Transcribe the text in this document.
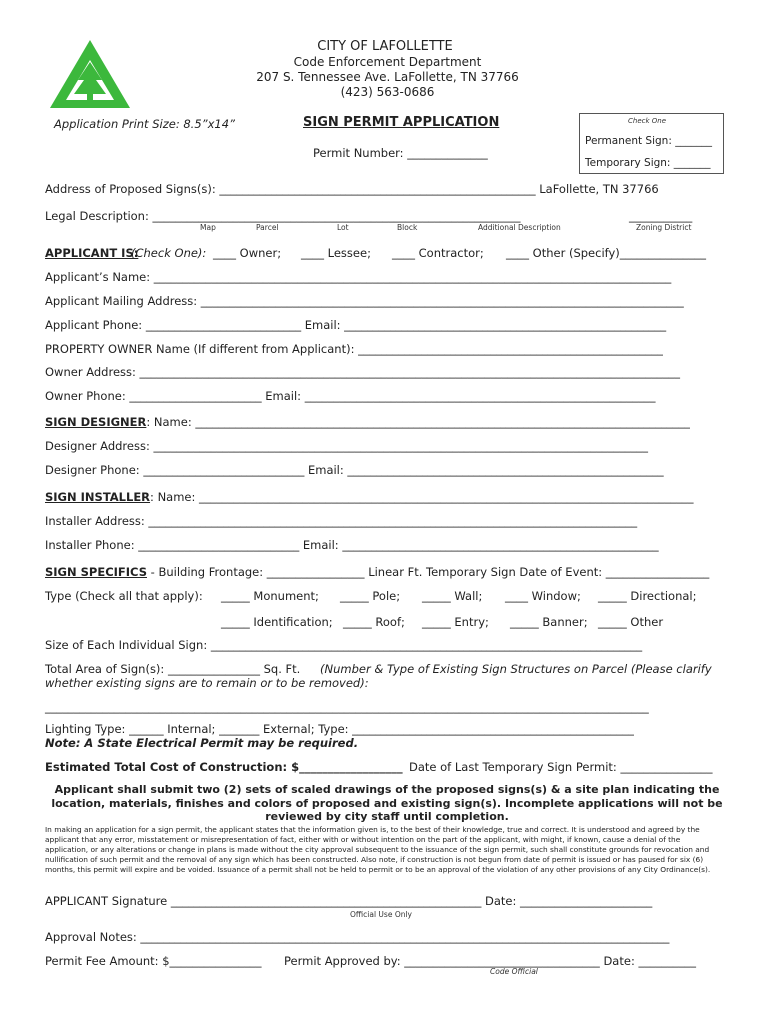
CITY OF LAFOLLETTE
Code Enforcement Department
207 S. Tennessee Ave. LaFollette, TN 37766
(423) 563-0686
Application Print Size: 8.5”x14”	SIGN PERMIT APPLICATION
Permit Number: ______________
Check One
Permanent Sign: _______
Temporary Sign: _______
Address of Proposed Signs(s): _______________________________________________________ LaFollette, TN 37766
Legal Description: ________________________________________________________________	___________
Map	Parcel	Lot	Block	Additional Description	Zoning District
APPLICANT IS:
(Check One): ____ Owner; ____ Lessee; ____ Contractor; ____ Other (Specify)_______________
Applicant’s Name: __________________________________________________________________________________________
Applicant Mailing Address: ____________________________________________________________________________________
Applicant Phone: ___________________________ Email: ________________________________________________________
PROPERTY OWNER Name (If different from Applicant): _____________________________________________________
Owner Address: ______________________________________________________________________________________________
Owner Phone: _______________________ Email: _____________________________________________________________
SIGN DESIGNER: Name: ______________________________________________________________________________________
Designer Address: ______________________________________________________________________________________
Designer Phone: ____________________________ Email: _______________________________________________________
SIGN INSTALLER: Name: ______________________________________________________________________________________
Installer Address: _____________________________________________________________________________________
Installer Phone: ____________________________ Email: _______________________________________________________
SIGN SPECIFICS - Building Frontage: _________________ Linear Ft. Temporary Sign Date of Event: __________________
Type (Check all that apply): _____ Monument; _____ Pole; _____ Wall; ____ Window; _____ Directional;
_____ Identification; _____ Roof; _____ Entry; _____ Banner; _____ Other
Size of Each Individual Sign: ___________________________________________________________________________
Total Area of Sign(s): ________________ Sq. Ft. (Number & Type of Existing Sign Structures on Parcel (Please clarify
whether existing signs are to remain or to be removed):
_________________________________________________________________________________________________________
Lighting Type: ______ Internal; _______ External; Type: _________________________________________________
Note: A State Electrical Permit may be required.
Estimated Total Cost of Construction: $__________________ Date of Last Temporary Sign Permit: ________________
Applicant shall submit two (2) sets of scaled drawings of the proposed signs(s) & a site plan indicating the location, materials, finishes and colors of proposed and existing sign(s). Incomplete applications will not be reviewed by city staff until completion.
In making an application for a sign permit, the applicant states that the information given is, to the best of their knowledge, true and correct. It is understood and agreed by the applicant that any error, misstatement or misrepresentation of fact, either with or without intention on the part of the applicant, with might, if known, cause a denial of the application, or any alterations or change in plans is made without the city approval subsequent to the issuance of the sign permit, such shall constitute grounds for revocation and nullification of such permit and the removal of any sign which has been constructed. Also note, if construction is not begun from date of permit is issued or has paused for six (6) months, this permit will expire and be voided. Issuance of a permit shall not be held to permit or to be an approval of the violation of any other provisions of any City Ordinance(s).
APPLICANT Signature ______________________________________________________ Date: _______________________
Official Use Only
Approval Notes: ____________________________________________________________________________________________
Permit Fee Amount: $________________ Permit Approved by: __________________________________ Date: __________
Code Official
